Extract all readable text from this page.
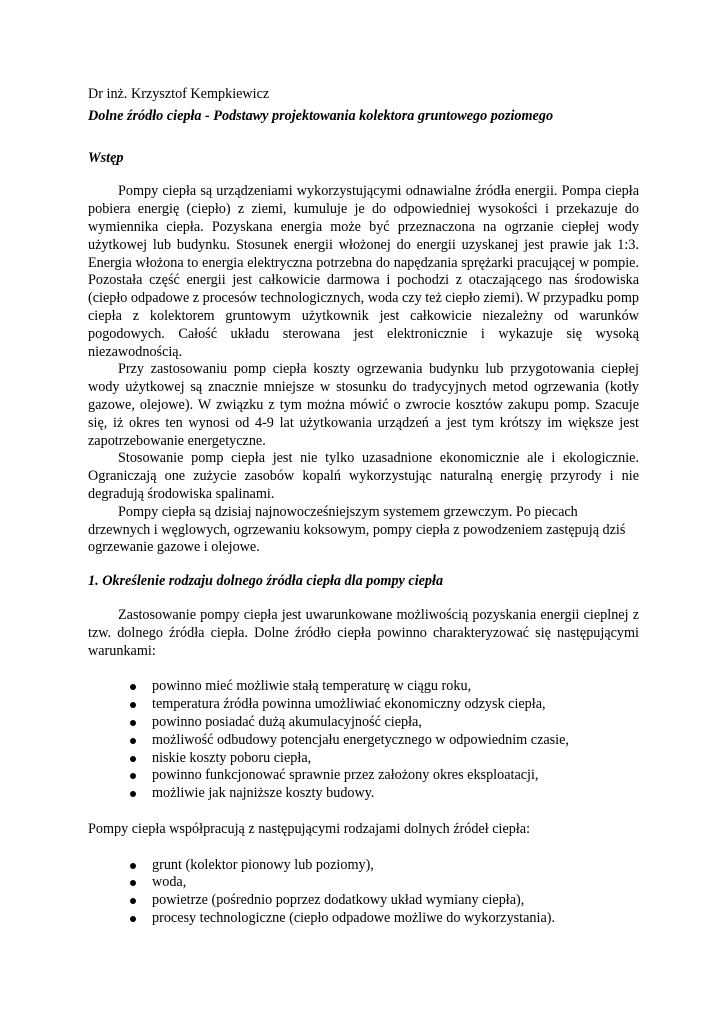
Dr inż. Krzysztof Kempkiewicz

Dolne źródło ciepła - Podstawy projektowania kolektora gruntowego poziomego

Wstęp

Pompy ciepła są urządzeniami wykorzystującymi odnawialne źródła energii. Pompa ciepła pobiera energię (ciepło) z ziemi, kumuluje je do odpowiedniej wysokości i przekazuje do wymiennika ciepła. Pozyskana energia może być przeznaczona na ogrzanie ciepłej wody użytkowej lub budynku. Stosunek energii włożonej do energii uzyskanej jest prawie jak 1:3. Energia włożona to energia elektryczna potrzebna do napędzania sprężarki pracującej w pompie. Pozostała część energii jest całkowicie darmowa i pochodzi z otaczającego nas środowiska (ciepło odpadowe z procesów technologicznych, woda czy też ciepło ziemi). W przypadku pomp ciepła z kolektorem gruntowym użytkownik jest całkowicie niezależny od warunków pogodowych. Całość układu sterowana jest elektronicznie i wykazuje się wysoką niezawodnością.

Przy zastosowaniu pomp ciepła koszty ogrzewania budynku lub przygotowania ciepłej wody użytkowej są znacznie mniejsze w stosunku do tradycyjnych metod ogrzewania (kotły gazowe, olejowe). W związku z tym można mówić o zwrocie kosztów zakupu pomp. Szacuje się, iż okres ten wynosi od 4-9 lat użytkowania urządzeń a jest tym krótszy im większe jest zapotrzebowanie energetyczne.

Stosowanie pomp ciepła jest nie tylko uzasadnione ekonomicznie ale i ekologicznie. Ograniczają one zużycie zasobów kopalń wykorzystując naturalną energię przyrody i nie degradują środowiska spalinami.

Pompy ciepła są dzisiaj najnowocześniejszym systemem grzewczym. Po piecach drzewnych i węglowych, ogrzewaniu koksowym, pompy ciepła z powodzeniem zastępują dziś ogrzewanie gazowe i olejowe.

1. Określenie rodzaju dolnego źródła ciepła dla pompy ciepła

Zastosowanie pompy ciepła jest uwarunkowane możliwością pozyskania energii cieplnej z tzw. dolnego źródła ciepła. Dolne źródło ciepła powinno charakteryzować się następującymi warunkami:

powinno mieć możliwie stałą temperaturę w ciągu roku,
temperatura źródła powinna umożliwiać ekonomiczny odzysk ciepła,
powinno posiadać dużą akumulacyjność ciepła,
możliwość odbudowy potencjału energetycznego w odpowiednim czasie,
niskie koszty poboru ciepła,
powinno funkcjonować sprawnie przez założony okres eksploatacji,
możliwie jak najniższe koszty budowy.

Pompy ciepła współpracują z następującymi rodzajami dolnych źródeł ciepła:

grunt (kolektor pionowy lub poziomy),
woda,
powietrze (pośrednio poprzez dodatkowy układ wymiany ciepła),
procesy technologiczne (ciepło odpadowe możliwe do wykorzystania).
